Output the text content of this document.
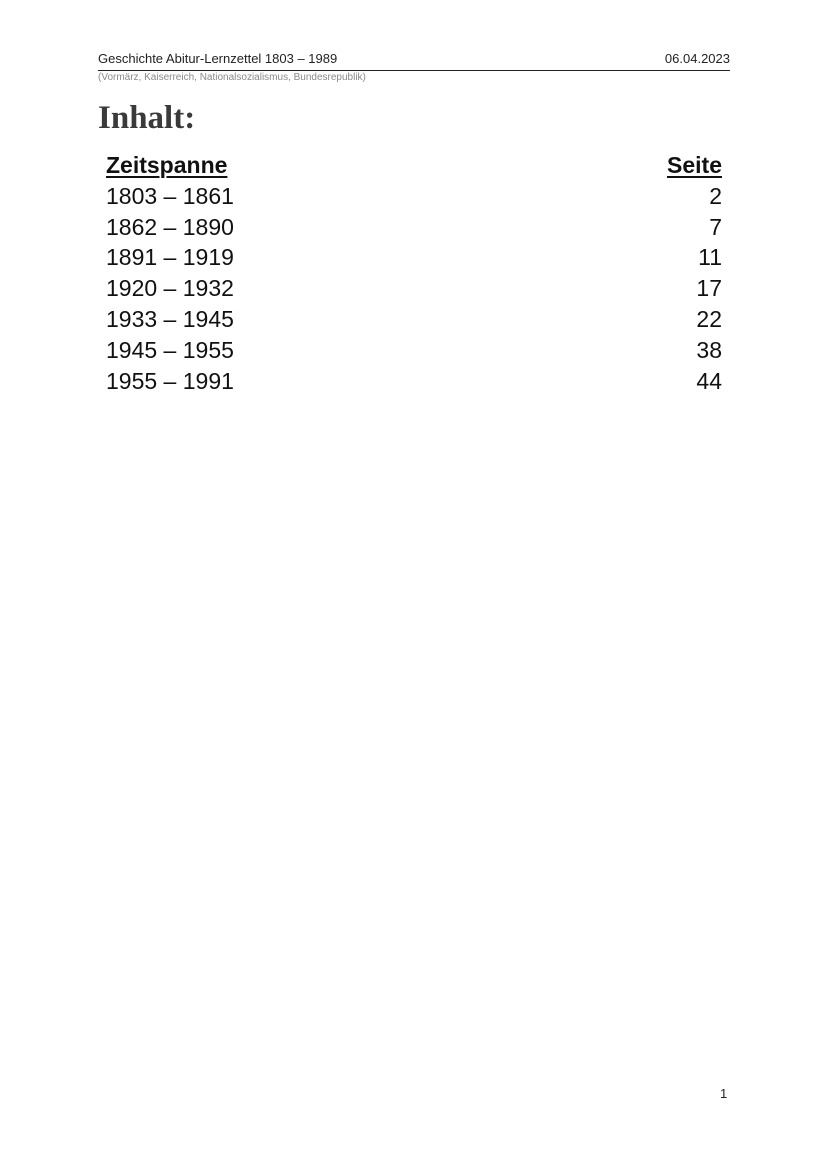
Geschichte Abitur-Lernzettel 1803 – 1989	06.04.2023
(Vormärz, Kaiserreich, Nationalsozialismus, Bundesrepublik)
Inhalt:
Zeitspanne	Seite
1803 – 1861	2
1862 – 1890	7
1891 – 1919	11
1920 – 1932	17
1933 – 1945	22
1945 – 1955	38
1955 – 1991	44
1
